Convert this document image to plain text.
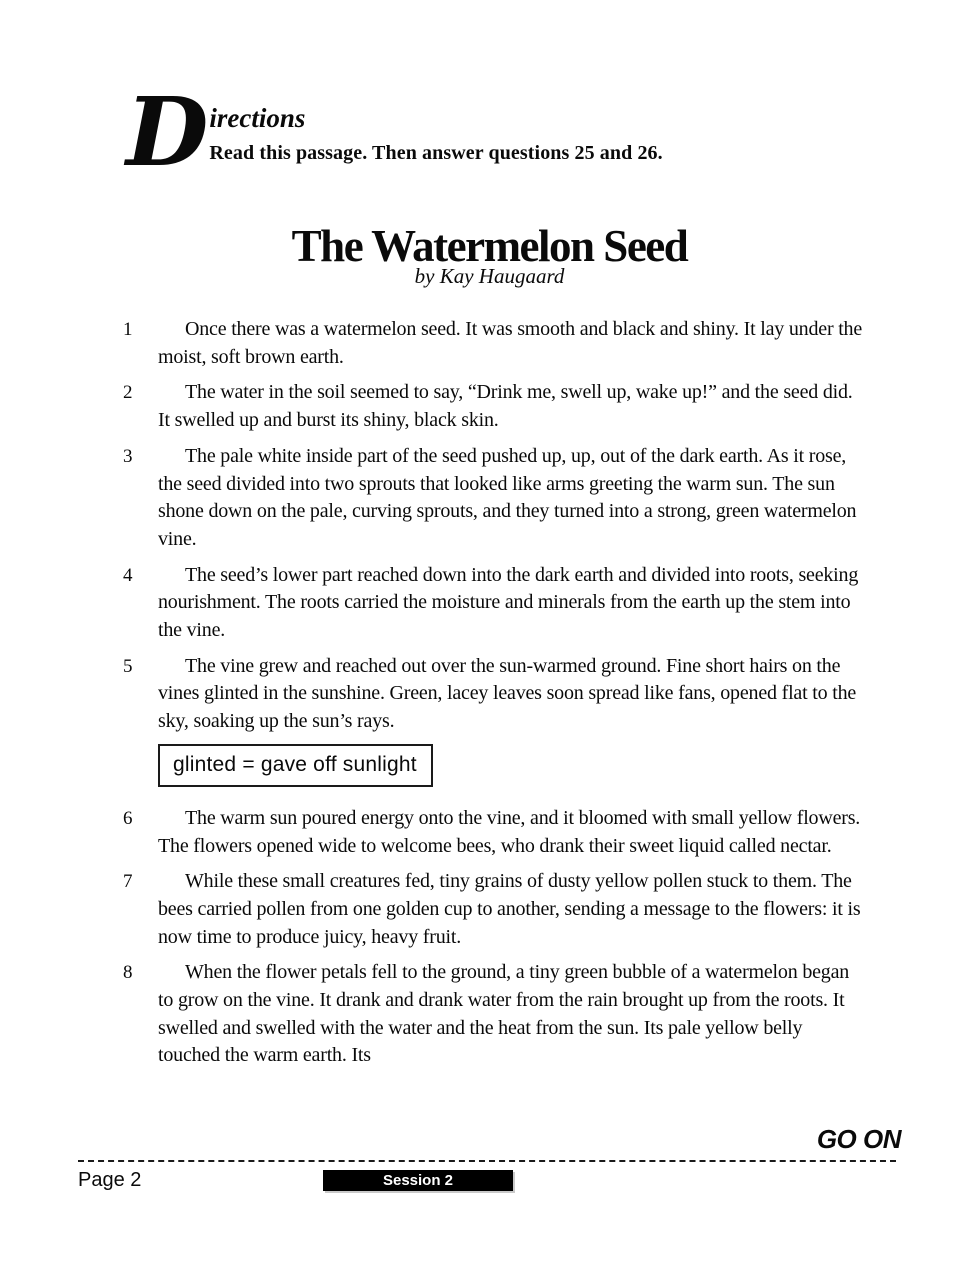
D irections
Read this passage. Then answer questions 25 and 26.
The Watermelon Seed
by Kay Haugaard
1	Once there was a watermelon seed. It was smooth and black and shiny. It lay under the moist, soft brown earth.

2	The water in the soil seemed to say, “Drink me, swell up, wake up!” and the seed did. It swelled up and burst its shiny, black skin.

3	The pale white inside part of the seed pushed up, up, out of the dark earth. As it rose, the seed divided into two sprouts that looked like arms greeting the warm sun. The sun shone down on the pale, curving sprouts, and they turned into a strong, green watermelon vine.

4	The seed’s lower part reached down into the dark earth and divided into roots, seeking nourishment. The roots carried the moisture and minerals from the earth up the stem into the vine.

5	The vine grew and reached out over the sun-warmed ground. Fine short hairs on the vines glinted in the sunshine. Green, lacey leaves soon spread like fans, opened flat to the sky, soaking up the sun’s rays.

glinted = gave off sunlight
6	The warm sun poured energy onto the vine, and it bloomed with small yellow flowers. The flowers opened wide to welcome bees, who drank their sweet liquid called nectar.

7	While these small creatures fed, tiny grains of dusty yellow pollen stuck to them. The bees carried pollen from one golden cup to another, sending a message to the flowers: it is now time to produce juicy, heavy fruit.

8	When the flower petals fell to the ground, a tiny green bubble of a watermelon began to grow on the vine. It drank and drank water from the rain brought up from the roots. It swelled and swelled with the water and the heat from the sun. Its pale yellow belly touched the warm earth. Its

GO ON
Page 2	Session 2
